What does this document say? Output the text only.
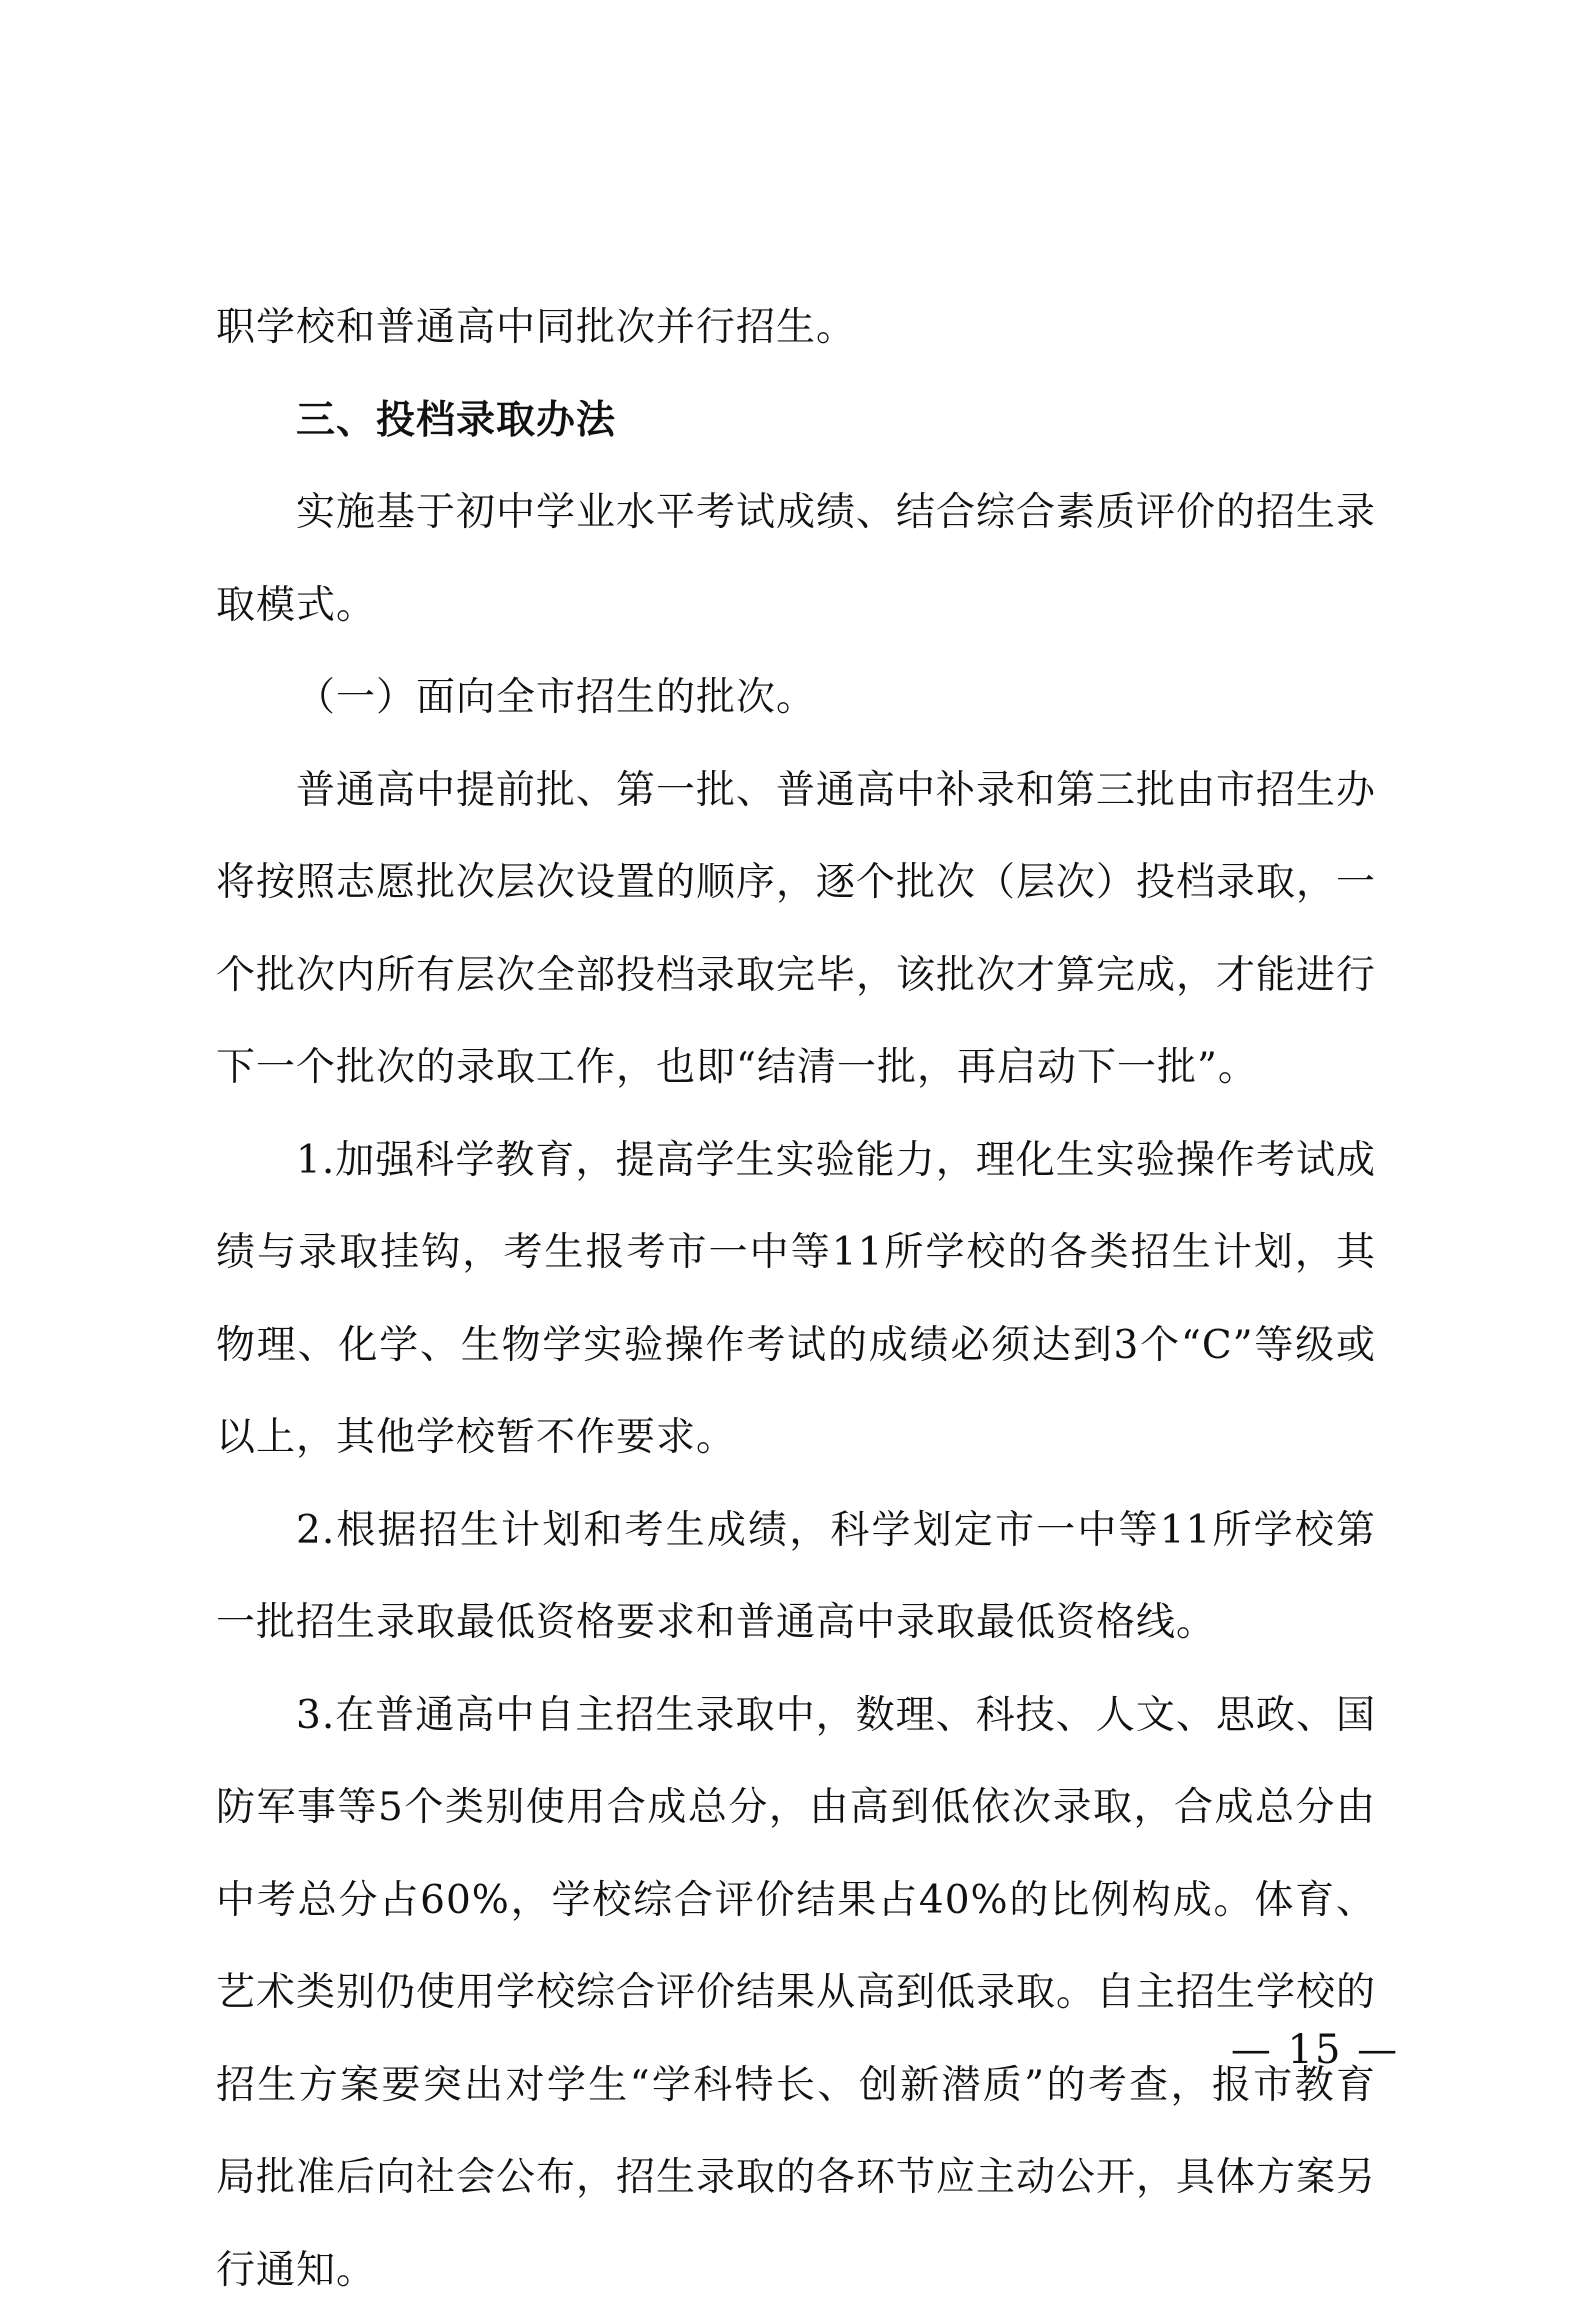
职学校和普通高中同批次并行招生。

三、投档录取办法

实施基于初中学业水平考试成绩、结合综合素质评价的招生录取模式。

（一）面向全市招生的批次。

普通高中提前批、第一批、普通高中补录和第三批由市招生办将按照志愿批次层次设置的顺序，逐个批次（层次）投档录取，一个批次内所有层次全部投档录取完毕，该批次才算完成，才能进行下一个批次的录取工作，也即“结清一批，再启动下一批”。

1.加强科学教育，提高学生实验能力，理化生实验操作考试成绩与录取挂钩，考生报考市一中等11所学校的各类招生计划，其物理、化学、生物学实验操作考试的成绩必须达到3个“C”等级或以上，其他学校暂不作要求。

2.根据招生计划和考生成绩，科学划定市一中等11所学校第一批招生录取最低资格要求和普通高中录取最低资格线。

3.在普通高中自主招生录取中，数理、科技、人文、思政、国防军事等5个类别使用合成总分，由高到低依次录取，合成总分由中考总分占60%，学校综合评价结果占40%的比例构成。体育、艺术类别仍使用学校综合评价结果从高到低录取。自主招生学校的招生方案要突出对学生“学科特长、创新潜质”的考查，报市教育局批准后向社会公布，招生录取的各环节应主动公开，具体方案另行通知。

— 15 —
